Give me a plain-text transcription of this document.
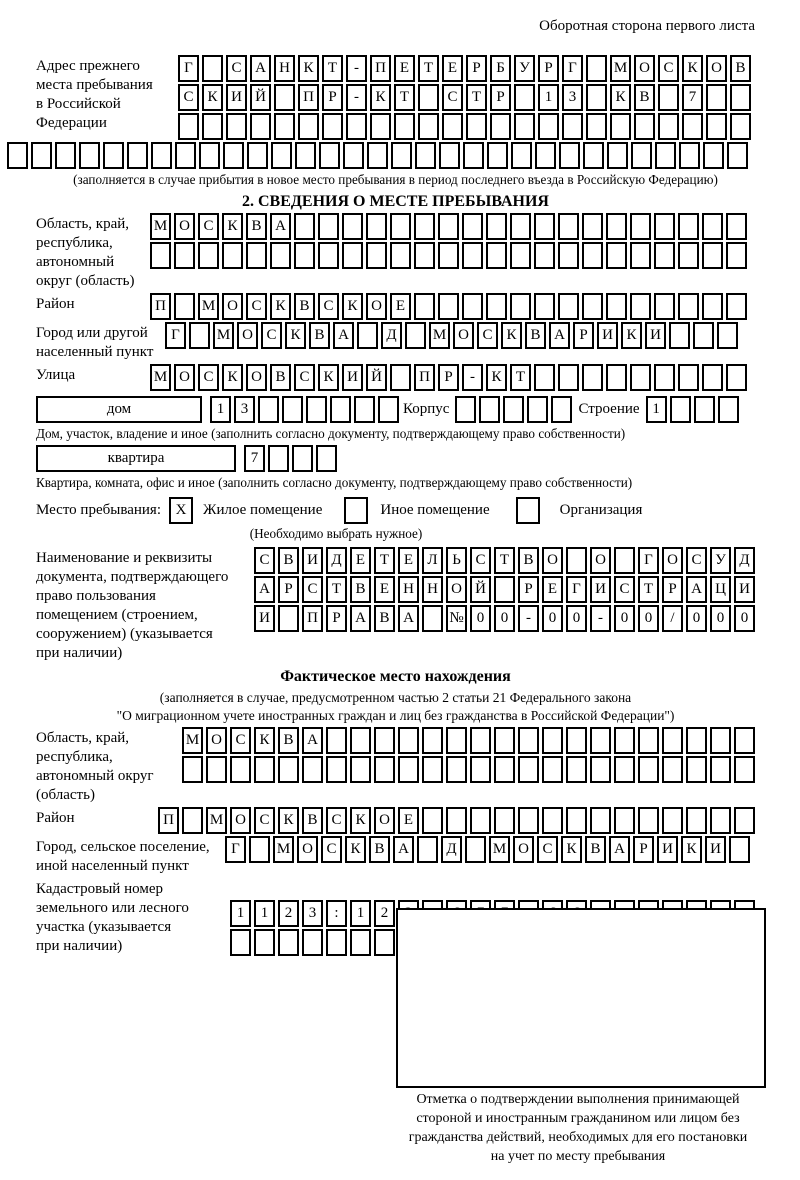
Оборотная сторона первого листа
Адрес прежнего
места пребывания
в Российской
Федерации
Г	С А Н К Т	-	П Е Т Е	Р	Б У Р	Г	М О С К О В
С К И Й	П Р	-	К Т	С Т	Р	1	3	К В	7
(заполняется в случае прибытия в новое место пребывания в период последнего въезда в Российскую Федерацию)
2. СВЕДЕНИЯ О МЕСТЕ ПРЕБЫВАНИЯ
Область, край,
республика,
автономный
округ (область)
М О С К В А
Район	П	М О С К В С К О Е
Город или другой
населенный пункт
Г	М О С К В А	Д	М О С К В А Р И К И
Улица	М О С К О В С К И Й	П Р	-	К Т
дом	1	3	Корпус	Строение 1
Дом, участок, владение и иное (заполнить согласно документу, подтверждающему право собственности)
квартира	7
Квартира, комната, офис и иное (заполнить согласно документу, подтверждающему право собственности)
Место пребывания: X	Жилое помещение	Иное помещение	Организация
(Необходимо выбрать нужное)
Наименование и реквизиты
документа, подтверждающего
право пользования
помещением (строением,
сооружением) (указывается
при наличии)
С В И Д Е Т Е Л Ь С Т В О	О	Г О С У Д
А Р С Т В Е Н Н О Й	Р	Е	Г И С Т	Р А Ц И
И	П Р А В А	№ 0	0	-	0	0	-	0	0	/	0	0	0
Фактическое место нахождения
(заполняется в случае, предусмотренном частью 2 статьи 21 Федерального закона
"О миграционном учете иностранных граждан и лиц без гражданства в Российской Федерации")
Область, край,
республика,
автономный округ
(область)
М О С К В А
Район	П	М О С К В С К О Е
Город, сельское поселение,
иной населенный пункт
Г	М О С К В А	Д	М О С К В А Р И К И
Кадастровый номер
земельного или лесного
участка (указывается
при наличии)
1	1	2	3	:	1	2
Отметка о подтверждении выполнения принимающей
стороной и иностранным гражданином или лицом без
гражданства действий, необходимых для его постановки
на учет по месту пребывания
